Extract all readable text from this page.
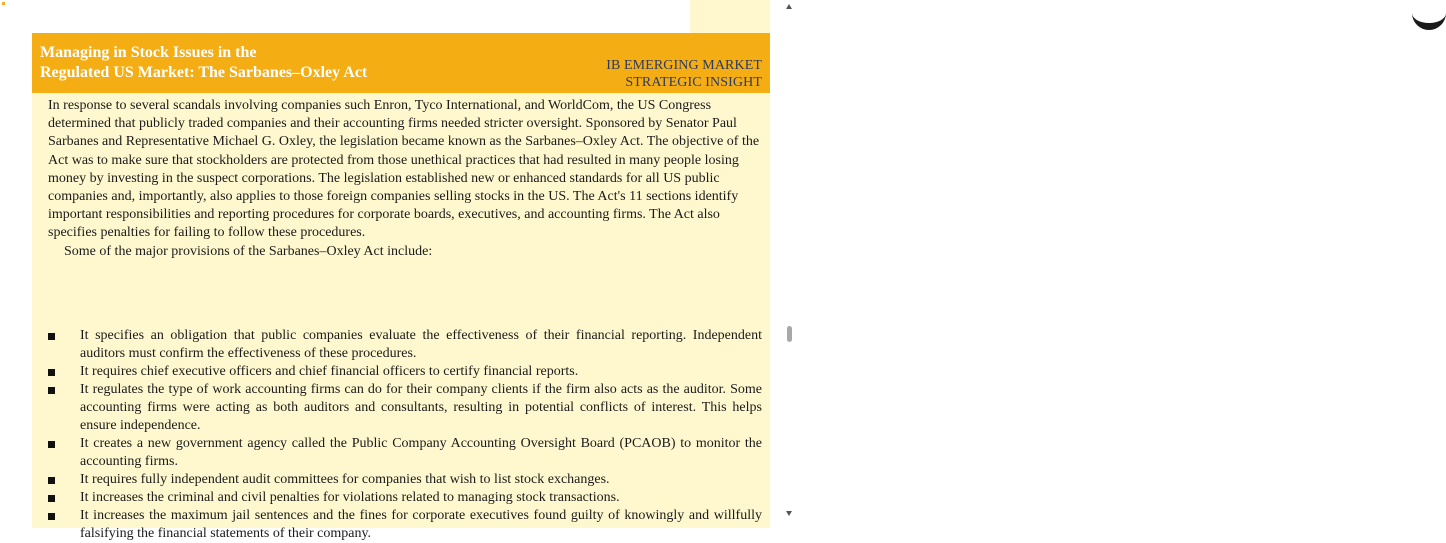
Managing in Stock Issues in the
Regulated US Market: The Sarbanes–Oxley Act	IB EMERGING MARKET
STRATEGIC INSIGHT

In response to several scandals involving companies such Enron, Tyco International, and WorldCom, the US Congress determined that publicly traded companies and their accounting firms needed stricter oversight. Sponsored by Senator Paul Sarbanes and Representative Michael G. Oxley, the legislation became known as the Sarbanes–Oxley Act. The objective of the Act was to make sure that stockholders are protected from those unethical practices that had resulted in many people losing money by investing in the suspect corporations. The legislation established new or enhanced standards for all US public companies and, importantly, also applies to those foreign companies selling stocks in the US. The Act's 11 sections identify important responsibilities and reporting procedures for corporate boards, executives, and accounting firms. The Act also specifies penalties for failing to follow these procedures.

Some of the major provisions of the Sarbanes–Oxley Act include:

It specifies an obligation that public companies evaluate the effectiveness of their financial reporting. Independent auditors must confirm the effectiveness of these procedures.
It requires chief executive officers and chief financial officers to certify financial reports.
It regulates the type of work accounting firms can do for their company clients if the firm also acts as the auditor. Some accounting firms were acting as both auditors and consultants, resulting in potential conflicts of interest. This helps ensure independence.
It creates a new government agency called the Public Company Accounting Oversight Board (PCAOB) to monitor the accounting firms.
It requires fully independent audit committees for companies that wish to list stock exchanges.
It increases the criminal and civil penalties for violations related to managing stock transactions.
It increases the maximum jail sentences and the fines for corporate executives found guilty of knowingly and willfully falsifying the financial statements of their company.
